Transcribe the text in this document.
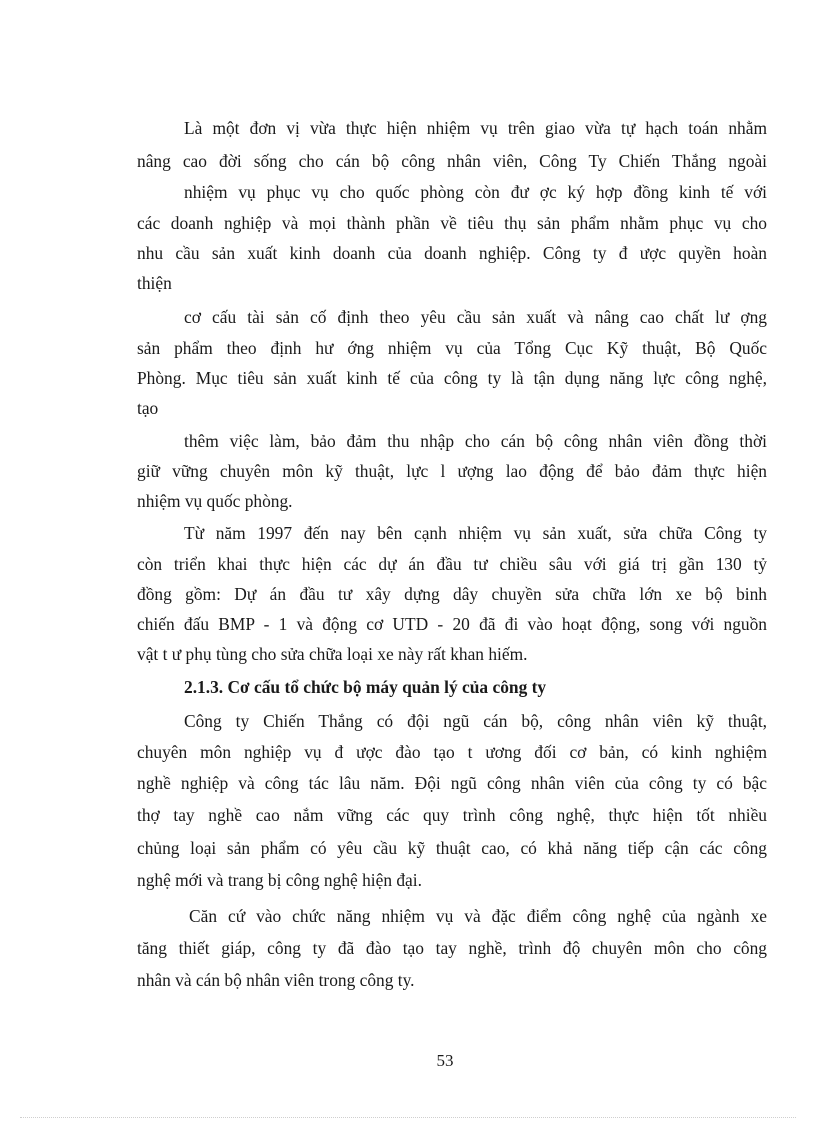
Là một đơn vị vừa thực hiện nhiệm vụ trên giao vừa tự hạch toán nhằm
nâng cao đời sống cho cán bộ công nhân viên, Công Ty Chiến Thắng ngoài
nhiệm vụ phục vụ cho quốc phòng còn đư ợc ký hợp đồng kinh tế với
các doanh nghiệp và mọi thành phần về tiêu thụ sản phẩm nhằm phục vụ cho
nhu cầu sản xuất kinh doanh của doanh nghiệp. Công ty đ ược quyền hoàn
thiện
cơ cấu tài sản cố định theo yêu cầu sản xuất và nâng cao chất lư ợng
sản phẩm theo định hư ớng nhiệm vụ của Tổng Cục Kỹ thuật, Bộ Quốc
Phòng. Mục tiêu sản xuất kinh tế của công ty là tận dụng năng lực công nghệ,
tạo
thêm việc làm, bảo đảm thu nhập cho cán bộ công nhân viên đồng thời
giữ vững chuyên môn kỹ thuật, lực l ượng lao động để bảo đảm thực hiện
nhiệm vụ quốc phòng.
Từ năm 1997 đến nay bên cạnh nhiệm vụ sản xuất, sửa chữa Công ty
còn triển khai thực hiện các dự án đầu tư chiều sâu với giá trị gần 130 tỷ
đồng gồm: Dự án đầu tư xây dựng dây chuyền sửa chữa lớn xe bộ binh
chiến đấu BMP - 1 và động cơ UTD - 20 đã đi vào hoạt động, song với nguồn
vật t ư phụ tùng cho sửa chữa loại xe này rất khan hiếm.
2.1.3. Cơ cấu tổ chức bộ máy quản lý của công ty
Công ty Chiến Thắng có đội ngũ cán bộ, công nhân viên kỹ thuật,
chuyên môn nghiệp vụ đ ược đào tạo t ương đối cơ bản, có kinh nghiệm
nghề nghiệp và công tác lâu năm. Đội ngũ công nhân viên của công ty có bậc
thợ tay nghề cao nắm vững các quy trình công nghệ, thực hiện tốt nhiều
chủng loại sản phẩm có yêu cầu kỹ thuật cao, có khả năng tiếp cận các công
nghệ mới và trang bị công nghệ hiện đại.
Căn cứ vào chức năng nhiệm vụ và đặc điểm công nghệ của ngành xe
tăng thiết giáp, công ty đã đào tạo tay nghề, trình độ chuyên môn cho công
nhân và cán bộ nhân viên trong công ty.
53
